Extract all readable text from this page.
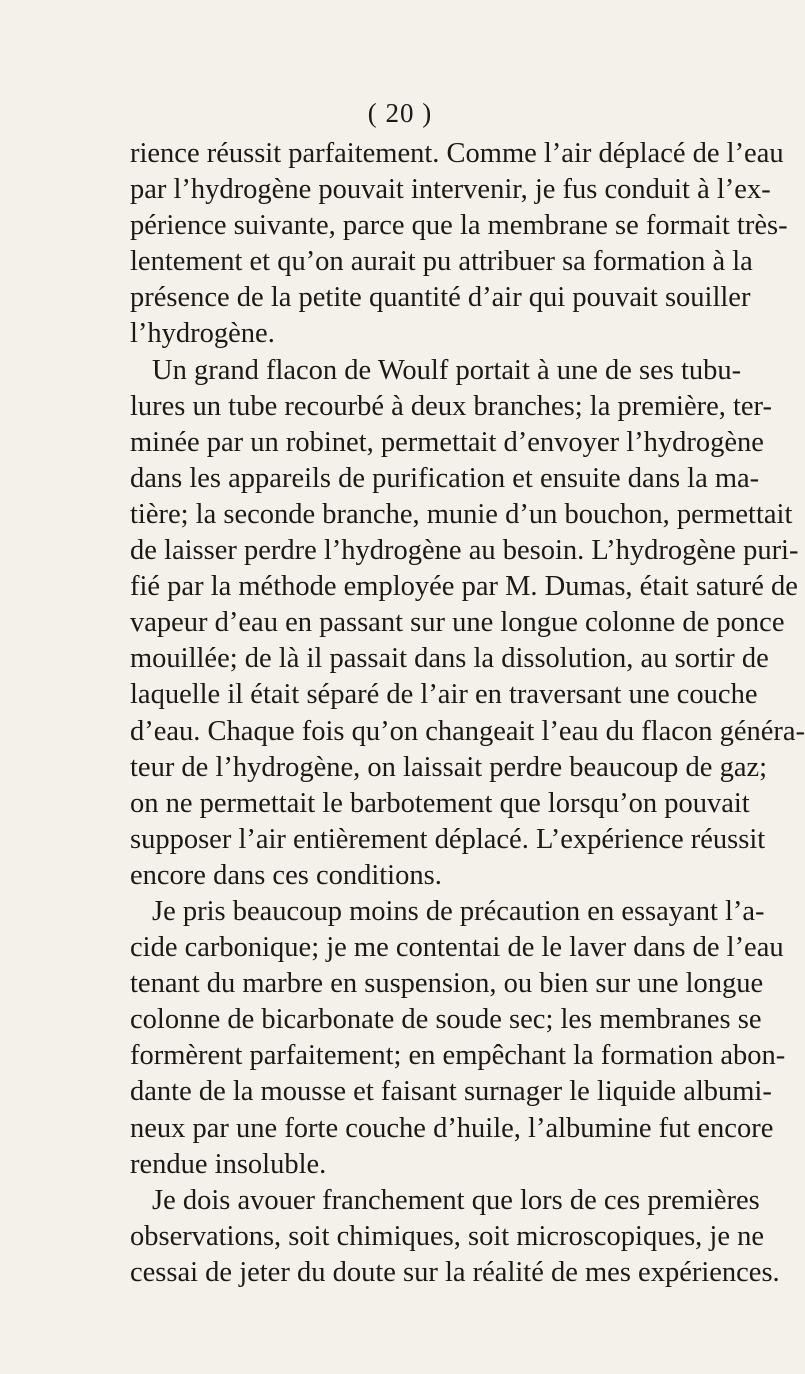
( 20 )
rience réussit parfaitement. Comme l’air déplacé de l’eau
par l’hydrogène pouvait intervenir, je fus conduit à l’ex-
périence suivante, parce que la membrane se formait très-
lentement et qu’on aurait pu attribuer sa formation à la
présence de la petite quantité d’air qui pouvait souiller
l’hydrogène.
Un grand flacon de Woulf portait à une de ses tubu-
lures un tube recourbé à deux branches; la première, ter-
minée par un robinet, permettait d’envoyer l’hydrogène
dans les appareils de purification et ensuite dans la ma-
tière; la seconde branche, munie d’un bouchon, permettait
de laisser perdre l’hydrogène au besoin. L’hydrogène puri-
fié par la méthode employée par M. Dumas, était saturé de
vapeur d’eau en passant sur une longue colonne de ponce
mouillée; de là il passait dans la dissolution, au sortir de
laquelle il était séparé de l’air en traversant une couche
d’eau. Chaque fois qu’on changeait l’eau du flacon généra-
teur de l’hydrogène, on laissait perdre beaucoup de gaz;
on ne permettait le barbotement que lorsqu’on pouvait
supposer l’air entièrement déplacé. L’expérience réussit
encore dans ces conditions.
Je pris beaucoup moins de précaution en essayant l’a-
cide carbonique; je me contentai de le laver dans de l’eau
tenant du marbre en suspension, ou bien sur une longue
colonne de bicarbonate de soude sec; les membranes se
formèrent parfaitement; en empêchant la formation abon-
dante de la mousse et faisant surnager le liquide albumi-
neux par une forte couche d’huile, l’albumine fut encore
rendue insoluble.
Je dois avouer franchement que lors de ces premières
observations, soit chimiques, soit microscopiques, je ne
cessai de jeter du doute sur la réalité de mes expériences.
